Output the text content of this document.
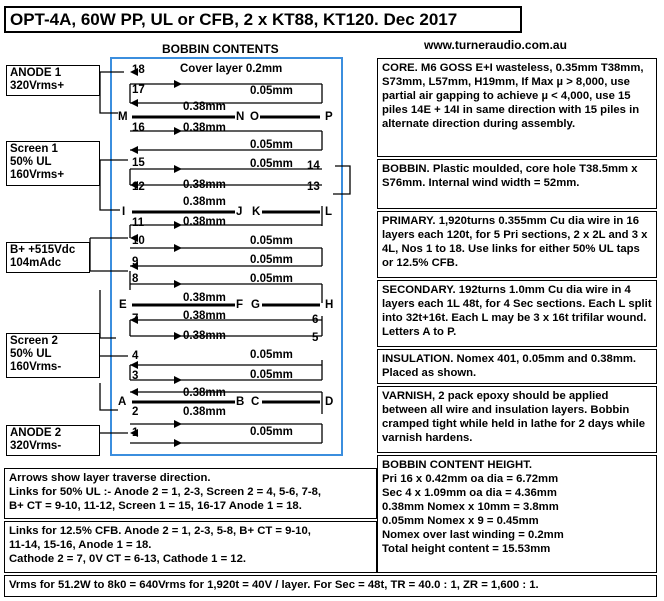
OPT-4A, 60W PP, UL or CFB, 2 x KT88, KT120. Dec 2017
www.turneraudio.com.au
BOBBIN CONTENTS
18
17
16
15	14
13
12
11
10
9
8
7	6
5
4
3
2
1
Cover layer 0.2mm
0.05mm
0.38mm
0.38mm
0.05mm
0.05mm
0.38mm
0.38mm
0.38mm
0.05mm
0.05mm
0.05mm
0.38mm
0.38mm
0.38mm
0.05mm
0.05mm
0.38mm
0.38mm
0.05mm
M	N O	P
I	J K	L
E	F G	H
A	B C	D
ANODE 1
320Vrms+
Screen 1
50% UL
160Vrms+
B+ +515Vdc
104mAdc
Screen 2
50% UL
160Vrms-
ANODE 2
320Vrms-
CORE. M6 GOSS E+I wasteless, 0.35mm T38mm, S73mm, L57mm, H19mm, If Max µ > 8,000, use partial air gapping to achieve µ < 4,000, use 15 piles 14E + 14I in same direction with 15 piles in alternate direction during assembly.
BOBBIN. Plastic moulded, core hole T38.5mm x S76mm. Internal wind width = 52mm.
PRIMARY. 1,920turns 0.355mm Cu dia wire in 16 layers each 120t, for 5 Pri sections, 2 x 2L and 3 x 4L, Nos 1 to 18. Use links for either 50% UL taps or 12.5% CFB.
SECONDARY. 192turns 1.0mm Cu dia wire in 4 layers each 1L 48t, for 4 Sec sections. Each L split into 32t+16t. Each L may be 3 x 16t trifilar wound. Letters A to P.
INSULATION. Nomex 401, 0.05mm and 0.38mm. Placed as shown.
VARNISH, 2 pack epoxy should be applied between all wire and insulation layers. Bobbin cramped tight while held in lathe for 2 days while varnish hardens.
BOBBIN CONTENT HEIGHT.
Pri 16 x 0.42mm oa dia = 6.72mm
Sec 4 x 1.09mm oa dia = 4.36mm
0.38mm Nomex x 10mm = 3.8mm
0.05mm Nomex x 9 = 0.45mm
Nomex over last winding = 0.2mm
Total height content = 15.53mm
Arrows show layer traverse direction.
Links for 50% UL :- Anode 2 = 1, 2-3, Screen 2 = 4, 5-6, 7-8,
B+ CT = 9-10, 11-12, Screen 1 = 15, 16-17 Anode 1 = 18.
Links for 12.5% CFB. Anode 2 = 1, 2-3, 5-8, B+ CT = 9-10,
11-14, 15-16, Anode 1 = 18.
Cathode 2 = 7, 0V CT = 6-13, Cathode 1 = 12.
Vrms for 51.2W to 8k0 = 640Vrms for 1,920t = 40V / layer. For Sec = 48t, TR = 40.0 : 1, ZR = 1,600 : 1.
